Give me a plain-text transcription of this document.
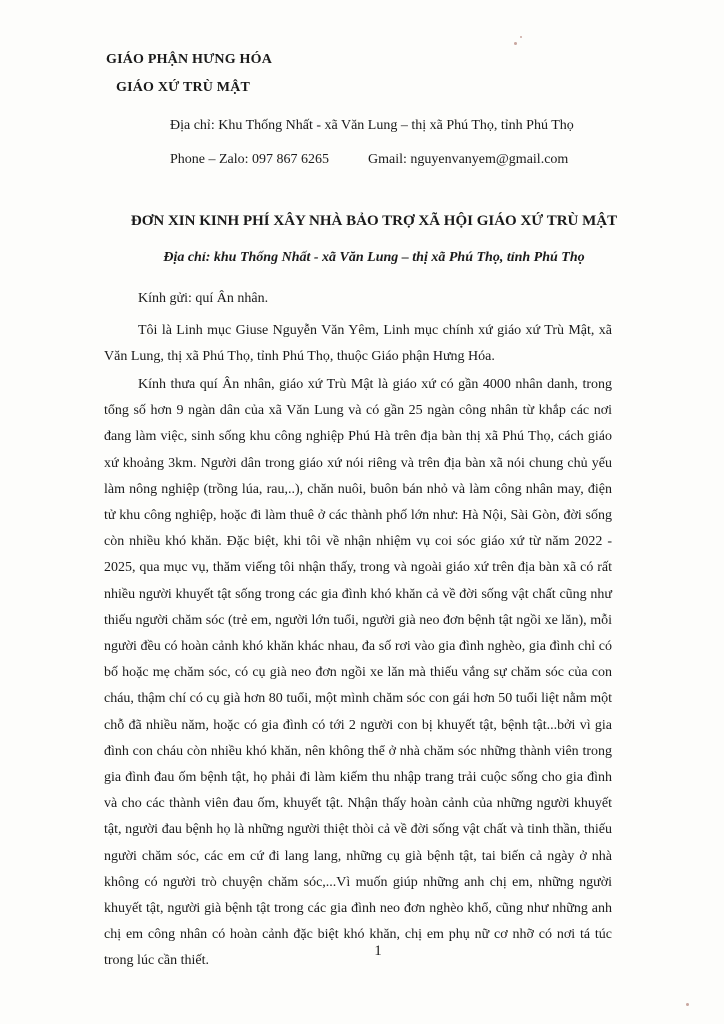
GIÁO PHẬN HƯNG HÓA
GIÁO XỨ TRÙ MẬT
Địa chỉ: Khu Thống Nhất - xã Văn Lung – thị xã Phú Thọ, tỉnh Phú Thọ
Phone – Zalo: 097 867 6265	Gmail: nguyenvanyem@gmail.com
ĐƠN XIN KINH PHÍ XÂY NHÀ BẢO TRỢ XÃ HỘI GIÁO XỨ TRÙ MẬT
Địa chỉ: khu Thống Nhất - xã Văn Lung – thị xã Phú Thọ, tỉnh Phú Thọ
Kính gửi: quí Ân nhân.
Tôi là Linh mục Giuse Nguyễn Văn Yêm, Linh mục chính xứ giáo xứ Trù Mật, xã Văn Lung, thị xã Phú Thọ, tỉnh Phú Thọ, thuộc Giáo phận Hưng Hóa.
Kính thưa quí Ân nhân, giáo xứ Trù Mật là giáo xứ có gần 4000 nhân danh, trong tổng số hơn 9 ngàn dân của xã Văn Lung và có gần 25 ngàn công nhân từ khắp các nơi đang làm việc, sinh sống khu công nghiệp Phú Hà trên địa bàn thị xã Phú Thọ, cách giáo xứ khoảng 3km. Người dân trong giáo xứ nói riêng và trên địa bàn xã nói chung chủ yếu làm nông nghiệp (trồng lúa, rau,..), chăn nuôi, buôn bán nhỏ và làm công nhân may, điện tử khu công nghiệp, hoặc đi làm thuê ở các thành phố lớn như: Hà Nội, Sài Gòn, đời sống còn nhiều khó khăn. Đặc biệt, khi tôi về nhận nhiệm vụ coi sóc giáo xứ từ năm 2022 - 2025, qua mục vụ, thăm viếng tôi nhận thấy, trong và ngoài giáo xứ trên địa bàn xã có rất nhiều người khuyết tật sống trong các gia đình khó khăn cả về đời sống vật chất cũng như thiếu người chăm sóc (trẻ em, người lớn tuổi, người già neo đơn bệnh tật ngồi xe lăn), mỗi người đều có hoàn cảnh khó khăn khác nhau, đa số rơi vào gia đình nghèo, gia đình chỉ có bố hoặc mẹ chăm sóc, có cụ già neo đơn ngồi xe lăn mà thiếu vắng sự chăm sóc của con cháu, thậm chí có cụ già hơn 80 tuổi, một mình chăm sóc con gái hơn 50 tuổi liệt nằm một chỗ đã nhiều năm, hoặc có gia đình có tới 2 người con bị khuyết tật, bệnh tật...bởi vì gia đình con cháu còn nhiều khó khăn, nên không thể ở nhà chăm sóc những thành viên trong gia đình đau ốm bệnh tật, họ phải đi làm kiếm thu nhập trang trải cuộc sống cho gia đình và cho các thành viên đau ốm, khuyết tật. Nhận thấy hoàn cảnh của những người khuyết tật, người đau bệnh họ là những người thiệt thòi cả về đời sống vật chất và tinh thần, thiếu người chăm sóc, các em cứ đi lang lang, những cụ già bệnh tật, tai biến cả ngày ở nhà không có người trò chuyện chăm sóc,...Vì muốn giúp những anh chị em, những người khuyết tật, người già bệnh tật trong các gia đình neo đơn nghèo khổ, cũng như những anh chị em công nhân có hoàn cảnh đặc biệt khó khăn, chị em phụ nữ cơ nhỡ có nơi tá túc trong lúc cần thiết.
1
